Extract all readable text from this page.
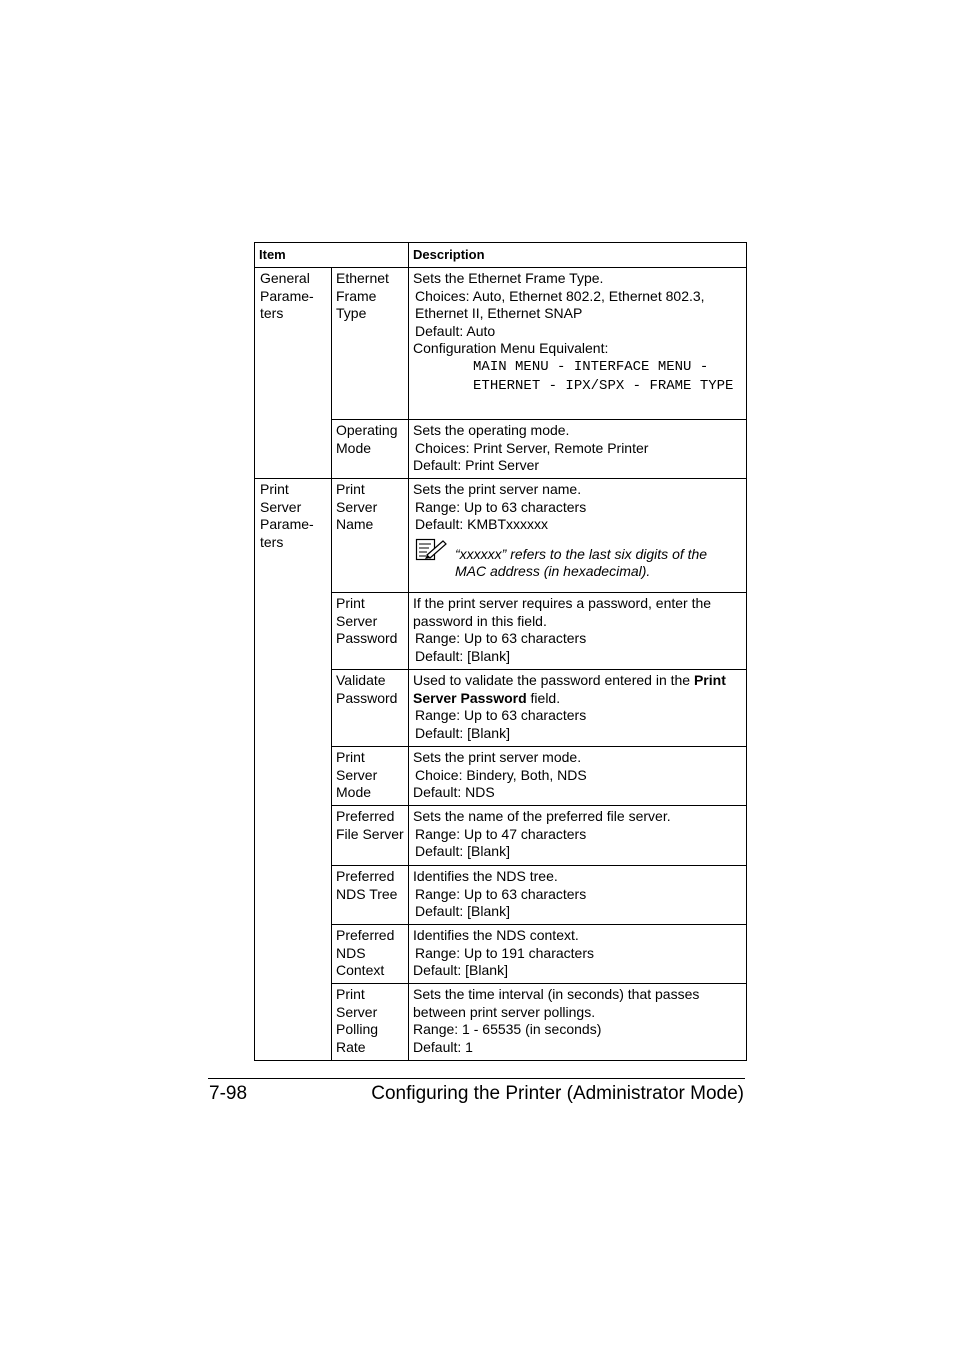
Item		Description
General Parame- ters	Ethernet Frame Type	Sets the Ethernet Frame Type.
Choices: Auto, Ethernet 802.2, Ethernet 802.3, Ethernet II, Ethernet SNAP
Default: Auto
Configuration Menu Equivalent:
MAIN MENU - INTERFACE MENU - ETHERNET - IPX/SPX - FRAME TYPE

	Operating Mode	Sets the operating mode.
Choices: Print Server, Remote Printer
Default: Print Server

Print Server Parame- ters	Print Server Name	Sets the print server name.
Range: Up to 63 characters
Default: KMBTxxxxxx
“xxxxxx” refers to the last six digits of the MAC address (in hexadecimal).

	Print Server Password	If the print server requires a password, enter the password in this field.
Range: Up to 63 characters
Default: [Blank]

	Validate Password	Used to validate the password entered in the Print Server Password field.
Range: Up to 63 characters
Default: [Blank]

	Print Server Mode	Sets the print server mode.
Choice: Bindery, Both, NDS
Default: NDS

	Preferred File Server	Sets the name of the preferred file server.
Range: Up to 47 characters
Default: [Blank]

	Preferred NDS Tree	Identifies the NDS tree.
Range: Up to 63 characters
Default: [Blank]

	Preferred NDS Context	Identifies the NDS context.
Range: Up to 191 characters
Default: [Blank]

	Print Server Polling Rate	Sets the time interval (in seconds) that passes between print server pollings.
Range: 1 - 65535 (in seconds)
Default: 1
7-98	Configuring the Printer (Administrator Mode)
